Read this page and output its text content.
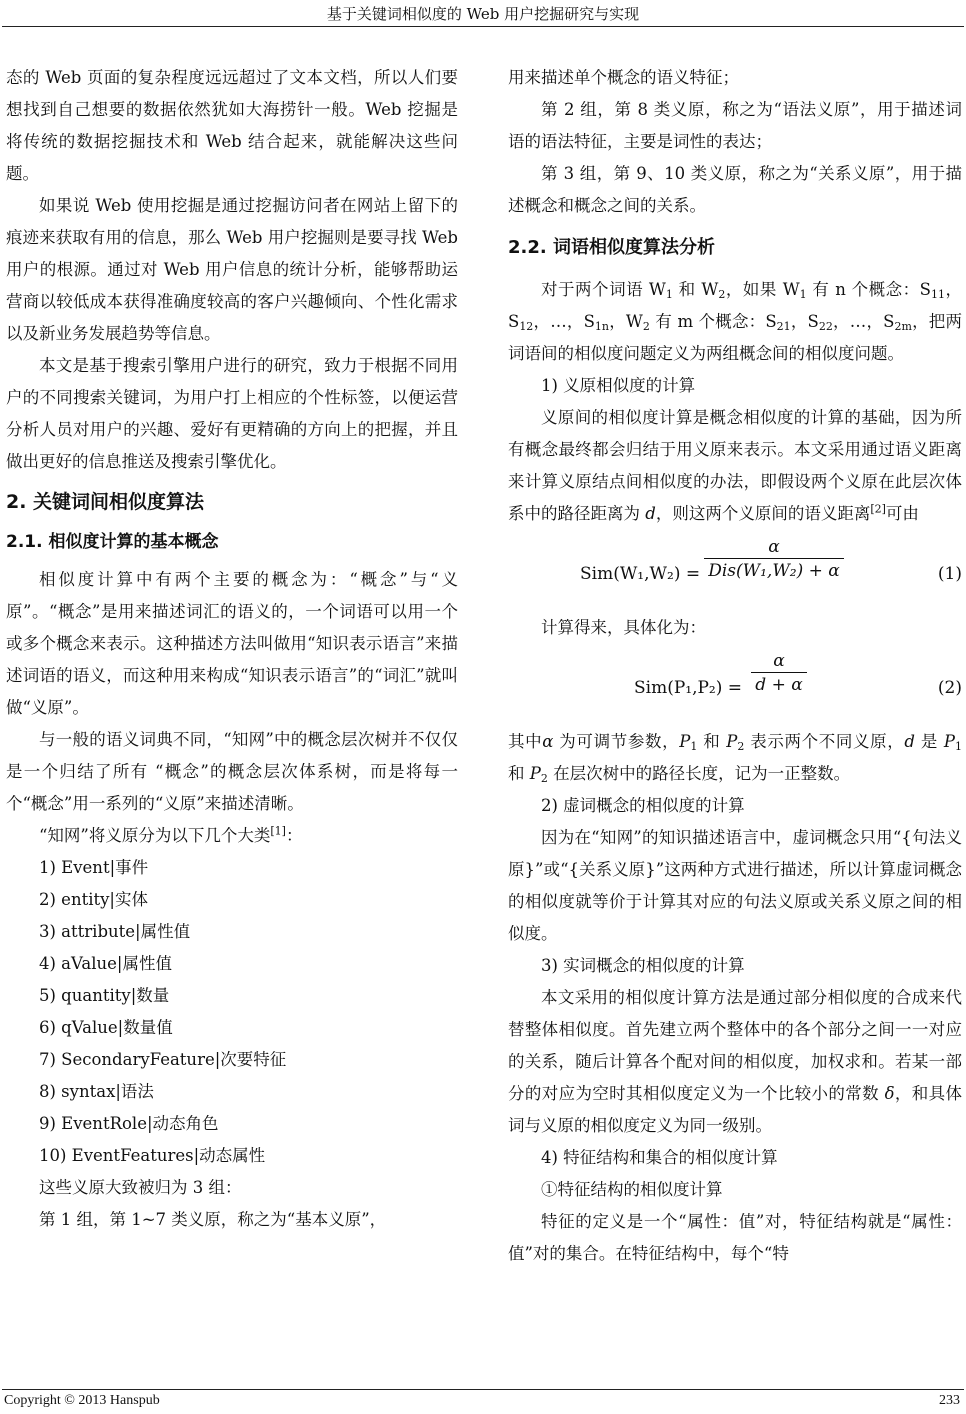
基于关键词相似度的 Web 用户挖掘研究与实现

态的 Web 页面的复杂程度远远超过了文本文档，所以人们要想找到自己想要的数据依然犹如大海捞针一般。Web 挖掘是将传统的数据挖掘技术和 Web 结合起来，就能解决这些问题。

如果说 Web 使用挖掘是通过挖掘访问者在网站上留下的痕迹来获取有用的信息，那么 Web 用户挖掘则是要寻找 Web 用户的根源。通过对 Web 用户信息的统计分析，能够帮助运营商以较低成本获得准确度较高的客户兴趣倾向、个性化需求以及新业务发展趋势等信息。

本文是基于搜索引擎用户进行的研究，致力于根据不同用户的不同搜索关键词，为用户打上相应的个性标签，以便运营分析人员对用户的兴趣、爱好有更精确的方向上的把握，并且做出更好的信息推送及搜索引擎优化。

2. 关键词间相似度算法
2.1. 相似度计算的基本概念

相似度计算中有两个主要的概念为：“概念”与“义原”。“概念”是用来描述词汇的语义的，一个词语可以用一个或多个概念来表示。这种描述方法叫做用“知识表示语言”来描述词语的语义，而这种用来构成“知识表示语言”的“词汇”就叫做“义原”。

与一般的语义词典不同，“知网”中的概念层次树并不仅仅是一个归结了所有 “概念”的概念层次体系树，而是将每一个“概念”用一系列的“义原”来描述清晰。

“知网”将义原分为以下几个大类[1]：

1) Event|事件

2) entity|实体

3) attribute|属性值

4) aValue|属性值

5) quantity|数量

6) qValue|数量值

7) SecondaryFeature|次要特征

8) syntax|语法

9) EventRole|动态角色

10) EventFeatures|动态属性

这些义原大致被归为 3 组：

第 1 组，第 1~7 类义原，称之为“基本义原”，

用来描述单个概念的语义特征；

第 2 组，第 8 类义原，称之为“语法义原”，用于描述词语的语法特征，主要是词性的表达；

第 3 组，第 9、10 类义原，称之为“关系义原”，用于描述概念和概念之间的关系。

2.2. 词语相似度算法分析

对于两个词语 $W_1$ 和 $W_2$，如果 $W_1$ 有 n 个概念：$S_{11}$，$S_{12}$，…，$S_{1n}$，$W_2$ 有 m 个概念：$S_{21}$，$S_{22}$，…，$S_{2m}$，把两词语间的相似度问题定义为两组概念间的相似度问题。

1) 义原相似度的计算

义原间的相似度计算是概念相似度的计算的基础，因为所有概念最终都会归结于用义原来表示。本文采用通过语义距离来计算义原结点间相似度的办法，即假设两个义原在此层次体系中的路径距离为 d，则这两个义原间的语义距离[2]可由

Sim(W₁,W₂) =
α
Dis(W₁,W₂) + α	(1)

计算得来，具体化为：

$Sim(P_1,P_2) = \frac{\alpha}{d + \alpha}$	(2)

其中α 为可调节参数，$P_1$ 和 $P_2$ 表示两个不同义原，d 是 $P_1$ 和 $P_2$ 在层次树中的路径长度，记为一正整数。

2) 虚词概念的相似度的计算

因为在“知网”的知识描述语言中，虚词概念只用“{句法义原}”或“{关系义原}”这两种方式进行描述，所以计算虚词概念的相似度就等价于计算其对应的句法义原或关系义原之间的相似度。

3) 实词概念的相似度的计算

本文采用的相似度计算方法是通过部分相似度的合成来代替整体相似度。首先建立两个整体中的各个部分之间一一对应的关系，随后计算各个配对间的相似度，加权求和。若某一部分的对应为空时其相似度定义为一个比较小的常数 δ，和具体词与义原的相似度定义为同一级别。

4) 特征结构和集合的相似度计算

①特征结构的相似度计算

特征的定义是一个“属性：值”对，特征结构就是“属性：值”对的集合。在特征结构中，每个“特

Copyright © 2013 Hanspub	233
